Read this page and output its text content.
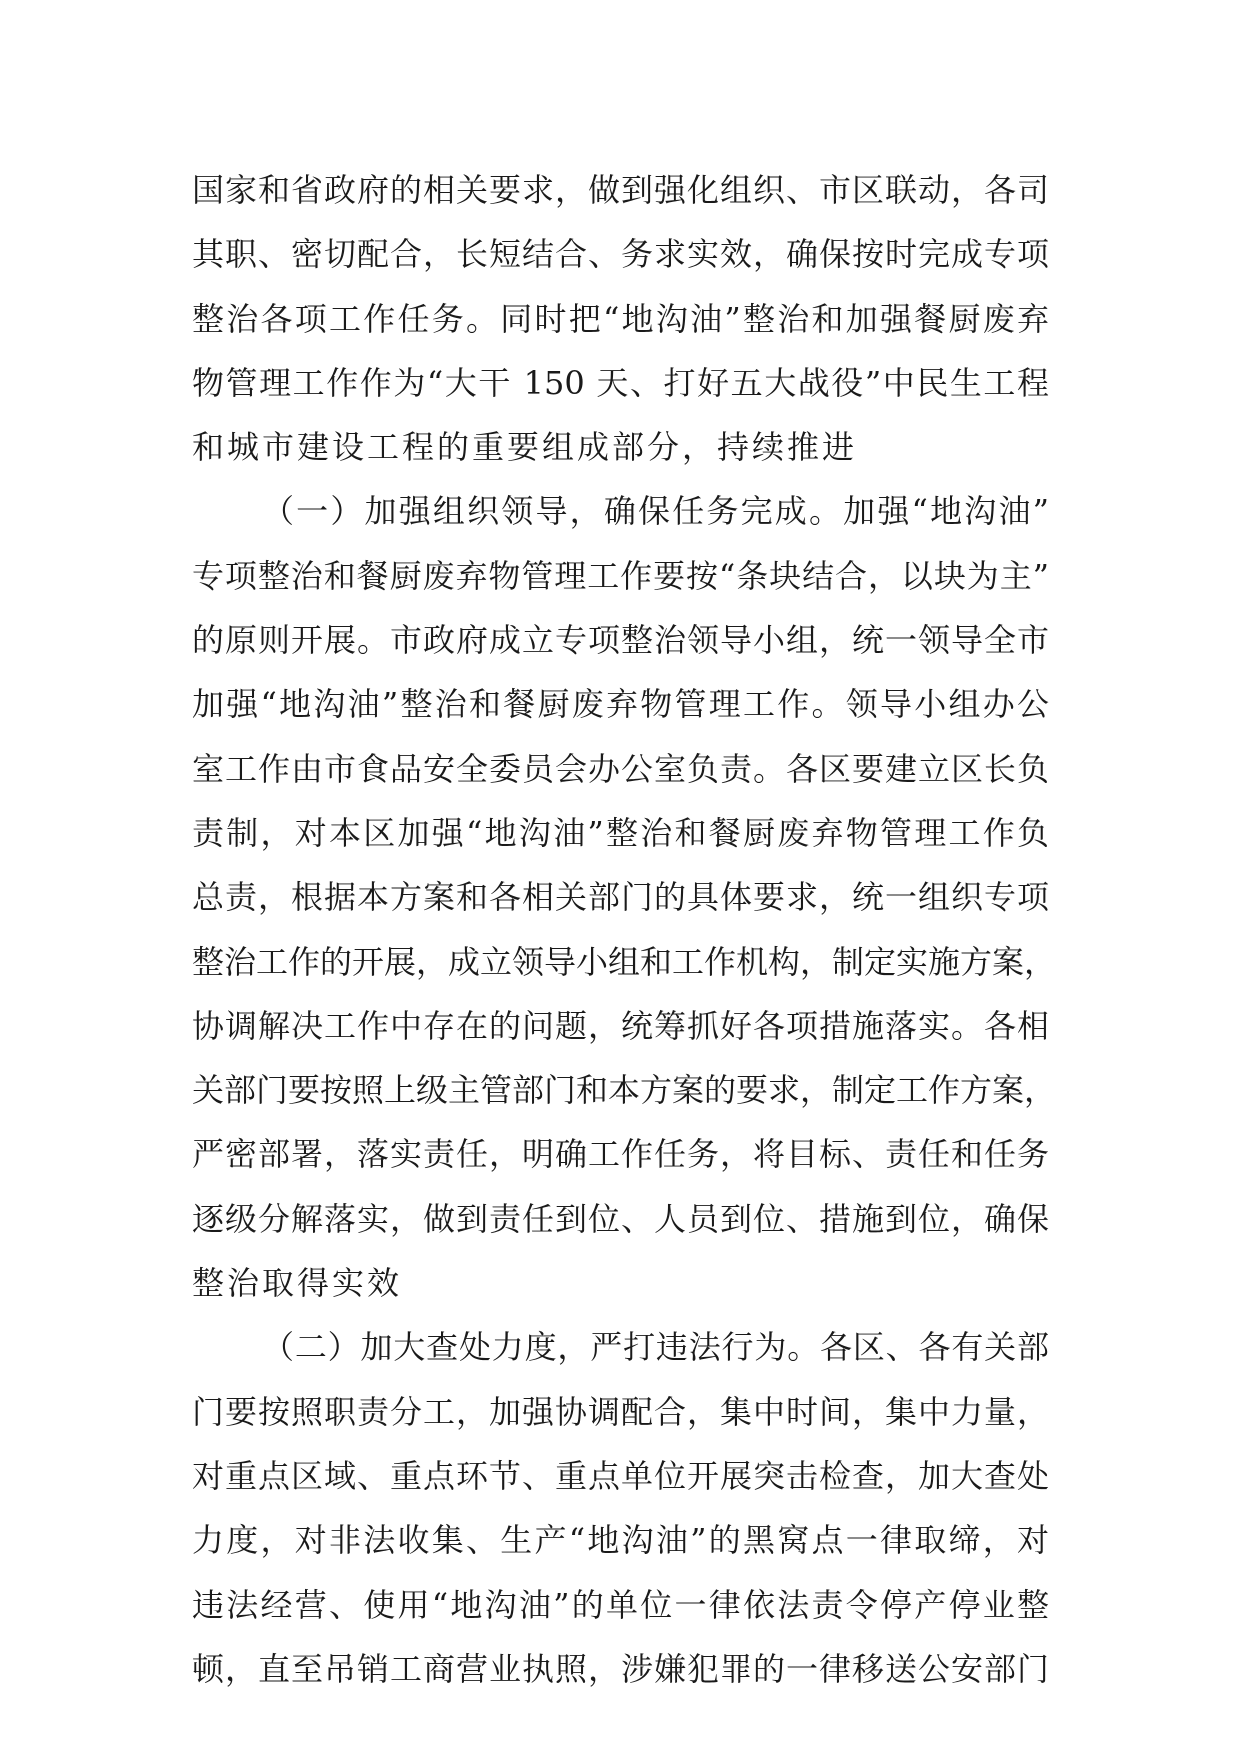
国家和省政府的相关要求，做到强化组织、市区联动，各司
其职、密切配合，长短结合、务求实效，确保按时完成专项
整治各项工作任务。同时把“地沟油”整治和加强餐厨废弃
物管理工作作为“大干 150 天、打好五大战役”中民生工程
和城市建设工程的重要组成部分，持续推进
（一）加强组织领导，确保任务完成。加强“地沟油”
专项整治和餐厨废弃物管理工作要按“条块结合，以块为主”
的原则开展。市政府成立专项整治领导小组，统一领导全市
加强“地沟油”整治和餐厨废弃物管理工作。领导小组办公
室工作由市食品安全委员会办公室负责。各区要建立区长负
责制，对本区加强“地沟油”整治和餐厨废弃物管理工作负
总责，根据本方案和各相关部门的具体要求，统一组织专项
整治工作的开展，成立领导小组和工作机构，制定实施方案，
协调解决工作中存在的问题，统筹抓好各项措施落实。各相
关部门要按照上级主管部门和本方案的要求，制定工作方案，
严密部署，落实责任，明确工作任务，将目标、责任和任务
逐级分解落实，做到责任到位、人员到位、措施到位，确保
整治取得实效
（二）加大查处力度，严打违法行为。各区、各有关部
门要按照职责分工，加强协调配合，集中时间，集中力量，
对重点区域、重点环节、重点单位开展突击检查，加大查处
力度，对非法收集、生产“地沟油”的黑窝点一律取缔，对
违法经营、使用“地沟油”的单位一律依法责令停产停业整
顿，直至吊销工商营业执照，涉嫌犯罪的一律移送公安部门
